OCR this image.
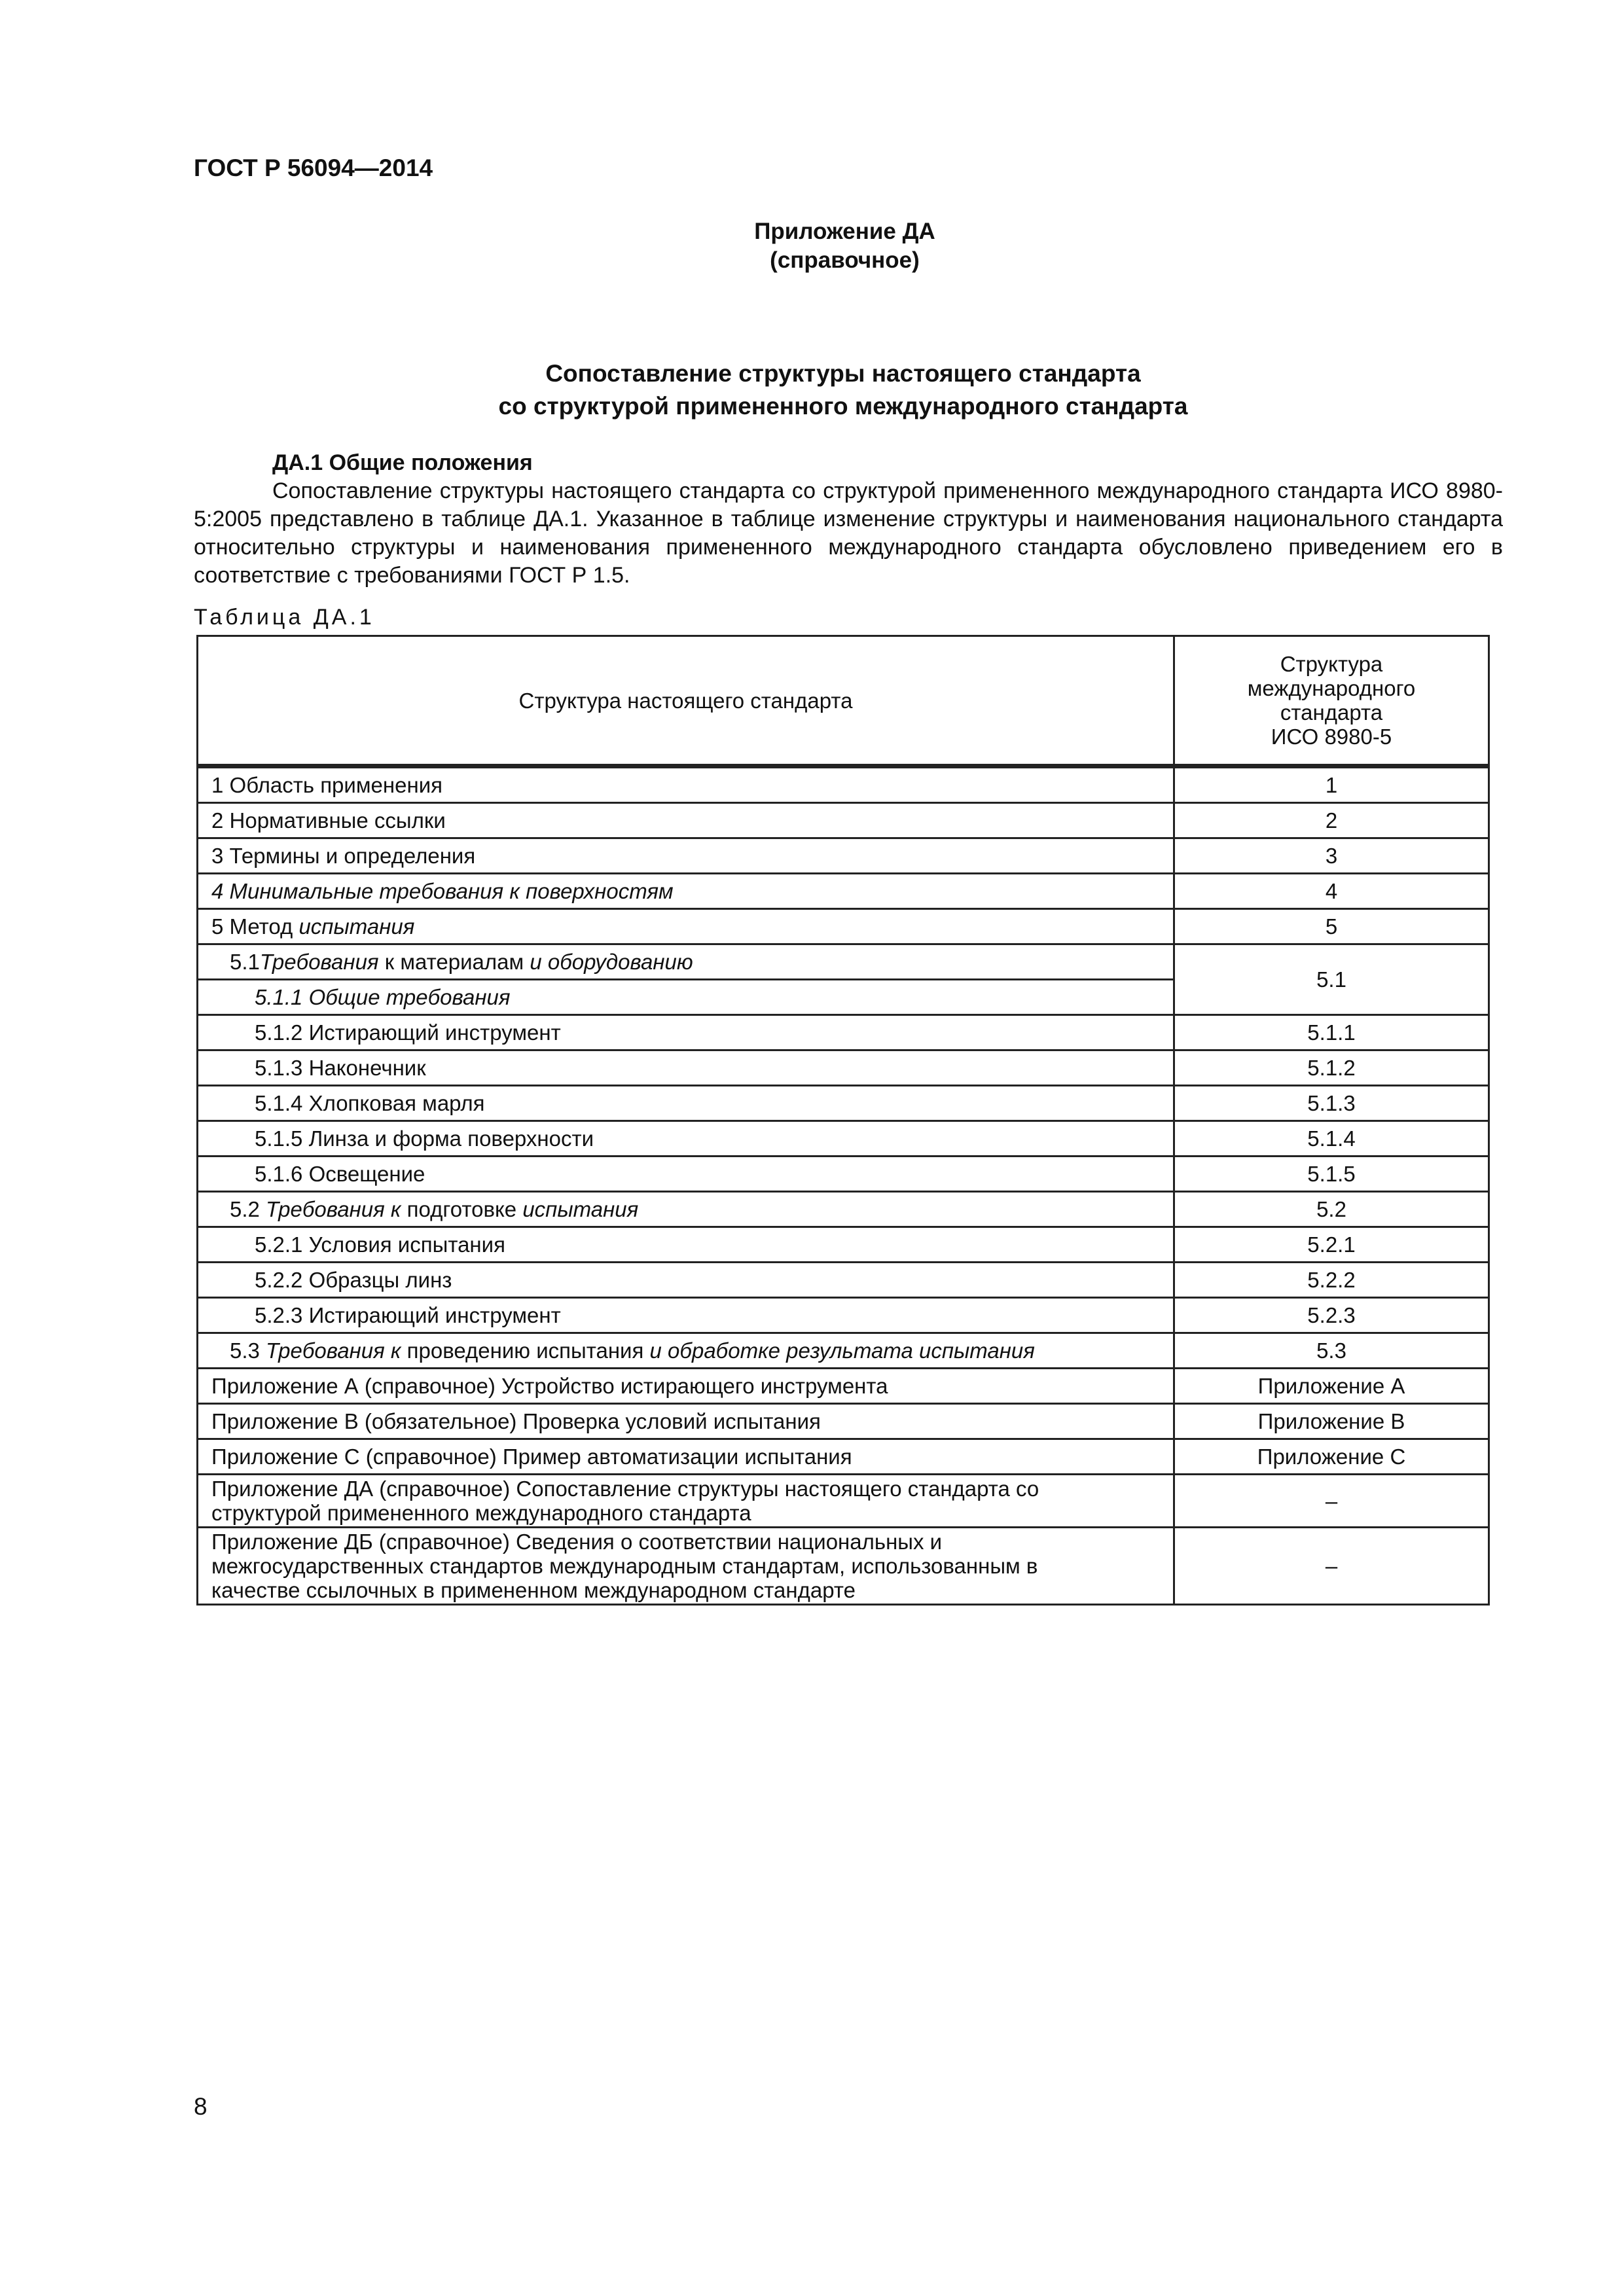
ГОСТ Р 56094—2014
Приложение ДА
(справочное)
Сопоставление структуры настоящего стандарта
со структурой примененного международного стандарта
ДА.1 Общие положения
Сопоставление структуры настоящего стандарта со структурой примененного международного стандарта ИСО 8980-5:2005 представлено в таблице ДА.1. Указанное в таблице изменение структуры и наименования национального стандарта относительно структуры и наименования примененного международного стандарта обусловлено приведением его в соответствие с требованиями ГОСТ Р 1.5.
Таблица ДА.1
Структура настоящего стандарта	Структура
международного
стандарта
ИСО 8980-5

1 Область применения	1
2 Нормативные ссылки	2
3 Термины и определения	3
4 Минимальные требования к поверхностям	4
5 Метод испытания	5
5.1Требования к материалам и оборудованию	5.1
5.1.1 Общие требования	
5.1.2 Истирающий инструмент	5.1.1
5.1.3 Наконечник	5.1.2
5.1.4 Хлопковая марля	5.1.3
5.1.5 Линза и форма поверхности	5.1.4
5.1.6 Освещение	5.1.5
5.2 Требования к подготовке испытания	5.2
5.2.1 Условия испытания	5.2.1
5.2.2 Образцы линз	5.2.2
5.2.3 Истирающий инструмент	5.2.3
5.3 Требования к проведению испытания и обработке результата испытания	5.3
Приложение А (справочное) Устройство истирающего инструмента	Приложение А
Приложение В (обязательное) Проверка условий испытания	Приложение В
Приложение С (справочное) Пример автоматизации испытания	Приложение С

Приложение ДА (справочное) Сопоставление структуры настоящего стандарта со
структурой примененного международного стандарта	–

Приложение ДБ (справочное) Сведения о соответствии национальных и
межгосударственных стандартов международным стандартам, использованным в
качестве ссылочных в примененном международном стандарте	–
8
